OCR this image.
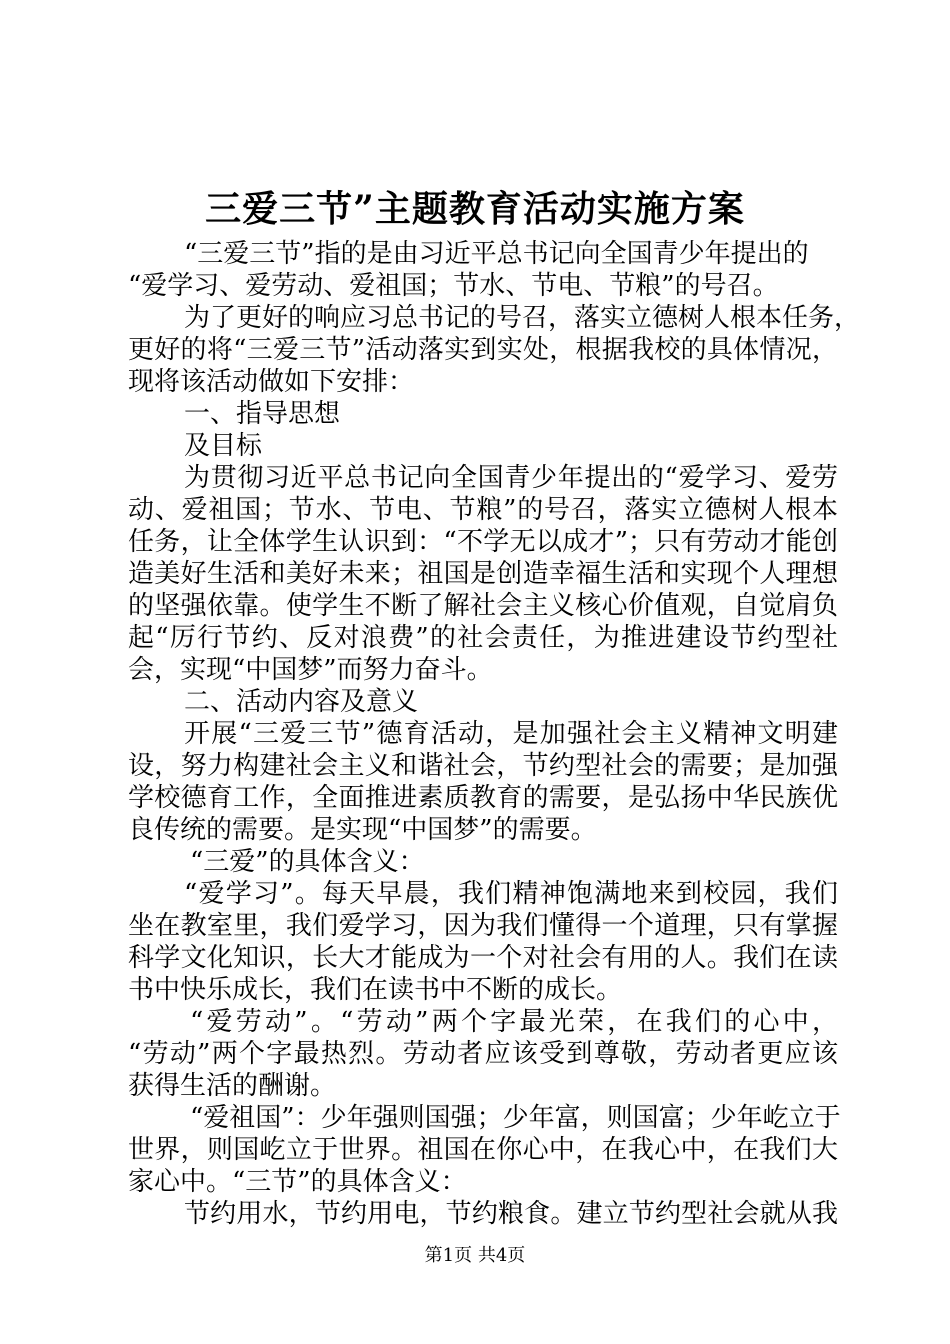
三爱三节”主题教育活动实施方案
“三爱三节”指的是由习近平总书记向全国青少年提出的
“爱学习、爱劳动、爱祖国；节水、节电、节粮”的号召。
为了更好的响应习总书记的号召，落实立德树人根本任务，
更好的将“三爱三节”活动落实到实处，根据我校的具体情况，
现将该活动做如下安排：
一、指导思想
及目标
为贯彻习近平总书记向全国青少年提出的“爱学习、爱劳
动、爱祖国；节水、节电、节粮”的号召，落实立德树人根本
任务，让全体学生认识到：“不学无以成才”；只有劳动才能创
造美好生活和美好未来；祖国是创造幸福生活和实现个人理想
的坚强依靠。使学生不断了解社会主义核心价值观，自觉肩负
起“厉行节约、反对浪费”的社会责任，为推进建设节约型社
会，实现“中国梦”而努力奋斗。
二、活动内容及意义
开展“三爱三节”德育活动，是加强社会主义精神文明建
设，努力构建社会主义和谐社会，节约型社会的需要；是加强
学校德育工作，全面推进素质教育的需要，是弘扬中华民族优
良传统的需要。是实现“中国梦”的需要。
“三爱”的具体含义：
“爱学习”。每天早晨，我们精神饱满地来到校园，我们
坐在教室里，我们爱学习，因为我们懂得一个道理，只有掌握
科学文化知识，长大才能成为一个对社会有用的人。我们在读
书中快乐成长，我们在读书中不断的成长。
“爱劳动”。“劳动”两个字最光荣，在我们的心中，
“劳动”两个字最热烈。劳动者应该受到尊敬，劳动者更应该
获得生活的酬谢。
“爱祖国”：少年强则国强；少年富，则国富；少年屹立于
世界，则国屹立于世界。祖国在你心中，在我心中，在我们大
家心中。“三节”的具体含义：
节约用水，节约用电，节约粮食。建立节约型社会就从我
第1页 共4页
